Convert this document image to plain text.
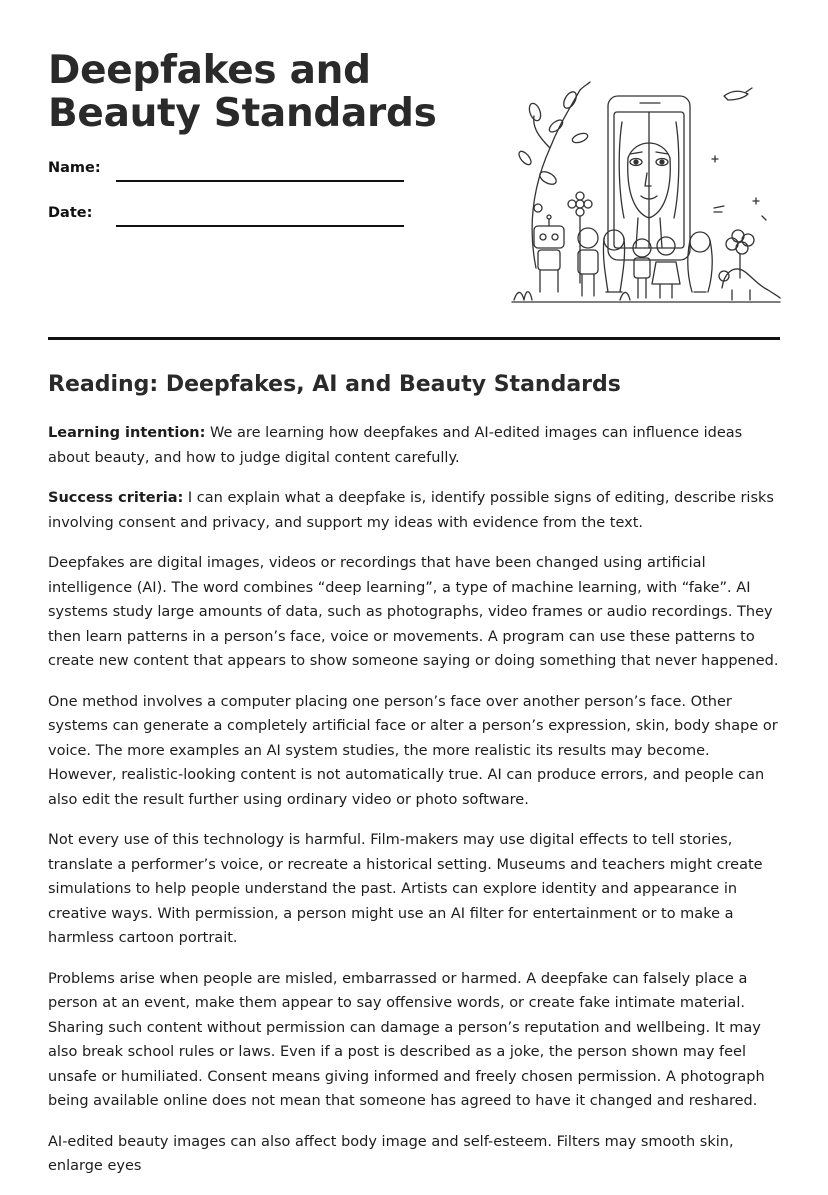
Deepfakes and Beauty Standards
Name:
Date:
Reading: Deepfakes, AI and Beauty Standards

Learning intention: We are learning how deepfakes and AI-edited images can influence ideas about beauty, and how to judge digital content carefully.

Success criteria: I can explain what a deepfake is, identify possible signs of editing, describe risks involving consent and privacy, and support my ideas with evidence from the text.

Deepfakes are digital images, videos or recordings that have been changed using artificial intelligence (AI). The word combines “deep learning”, a type of machine learning, with “fake”. AI systems study large amounts of data, such as photographs, video frames or audio recordings. They then learn patterns in a person’s face, voice or movements. A program can use these patterns to create new content that appears to show someone saying or doing something that never happened.

One method involves a computer placing one person’s face over another person’s face. Other systems can generate a completely artificial face or alter a person’s expression, skin, body shape or voice. The more examples an AI system studies, the more realistic its results may become. However, realistic-looking content is not automatically true. AI can produce errors, and people can also edit the result further using ordinary video or photo software.

Not every use of this technology is harmful. Film-makers may use digital effects to tell stories, translate a performer’s voice, or recreate a historical setting. Museums and teachers might create simulations to help people understand the past. Artists can explore identity and appearance in creative ways. With permission, a person might use an AI filter for entertainment or to make a harmless cartoon portrait.

Problems arise when people are misled, embarrassed or harmed. A deepfake can falsely place a person at an event, make them appear to say offensive words, or create fake intimate material. Sharing such content without permission can damage a person’s reputation and wellbeing. It may also break school rules or laws. Even if a post is described as a joke, the person shown may feel unsafe or humiliated. Consent means giving informed and freely chosen permission. A photograph being available online does not mean that someone has agreed to have it changed and reshared.

AI-edited beauty images can also affect body image and self-esteem. Filters may smooth skin, enlarge eyes
